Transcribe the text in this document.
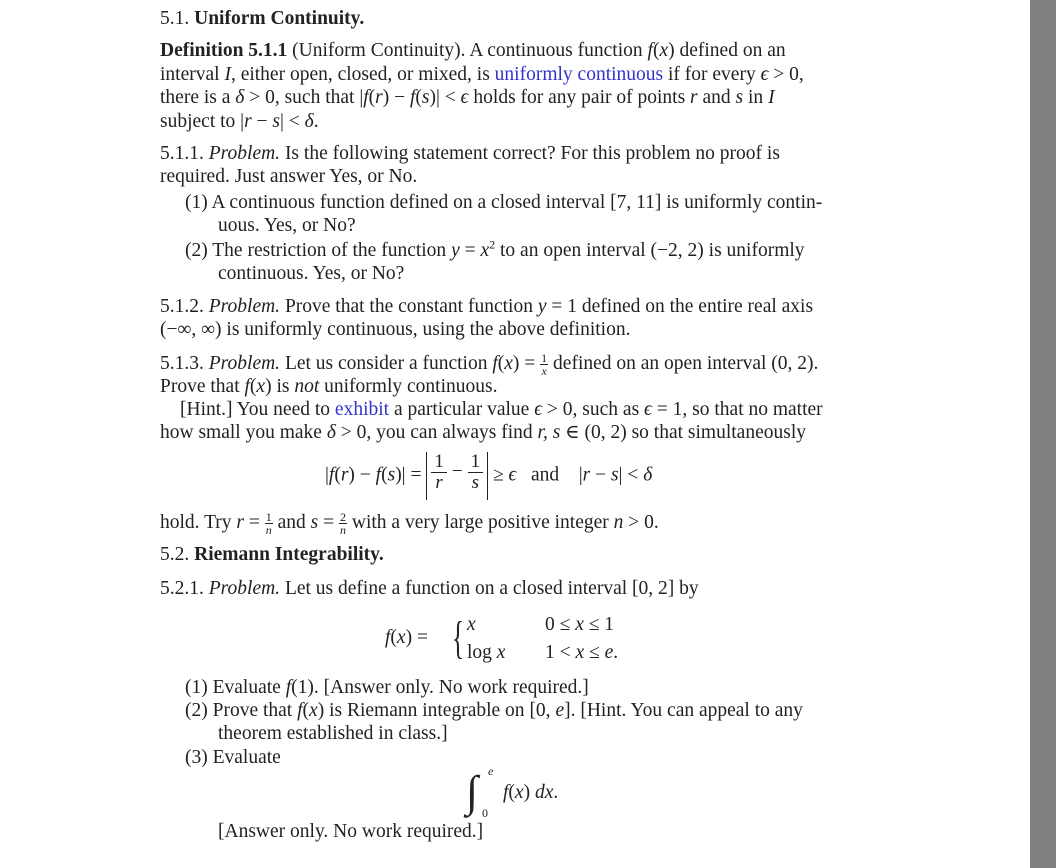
5.1. Uniform Continuity.
Definition 5.1.1 (Uniform Continuity). A continuous function f(x) defined on an
interval I, either open, closed, or mixed, is uniformly continuous if for every ϵ > 0,
there is a δ > 0, such that |f(r) − f(s)| < ϵ holds for any pair of points r and s in I
subject to |r − s| < δ.
5.1.1. Problem. Is the following statement correct? For this problem no proof is
required. Just answer Yes, or No.
(1) A continuous function defined on a closed interval [7, 11] is uniformly contin-
uous. Yes, or No?
(2) The restriction of the function $y = x^2$ to an open interval (−2, 2) is uniformly
continuous. Yes, or No?
5.1.2. Problem. Prove that the constant function y = 1 defined on the entire real axis
(−∞, ∞) is uniformly continuous, using the above definition.
5.1.3. Problem. Let us consider a function $f(x) = \frac{1}{x}$ defined on an open interval (0, 2).
Prove that f(x) is not uniformly continuous.
[Hint.] You need to exhibit a particular value ϵ > 0, such as ϵ = 1, so that no matter
how small you make δ > 0, you can always find r, s ∈ (0, 2) so that simultaneously
$|f(r) - f(s)| = \frac{1}{r} - \frac{1}{s} \ge \epsilon$ and    |r − s| < δ
hold. Try $r = \frac{1}{n}$ and $s = \frac{2}{n}$ with a very large positive integer n > 0.
5.2. Riemann Integrability.
5.2.1. Problem. Let us define a function on a closed interval [0, 2] by
f(x) = { x	0 ≤ x ≤ 1
log x 1 < x ≤ e.
(1) Evaluate f(1). [Answer only. No work required.]
(2) Prove that f(x) is Riemann integrable on [0, e]. [Hint. You can appeal to any
theorem established in class.]
(3) Evaluate
∫ e
0
f(x) dx.
[Answer only. No work required.]
